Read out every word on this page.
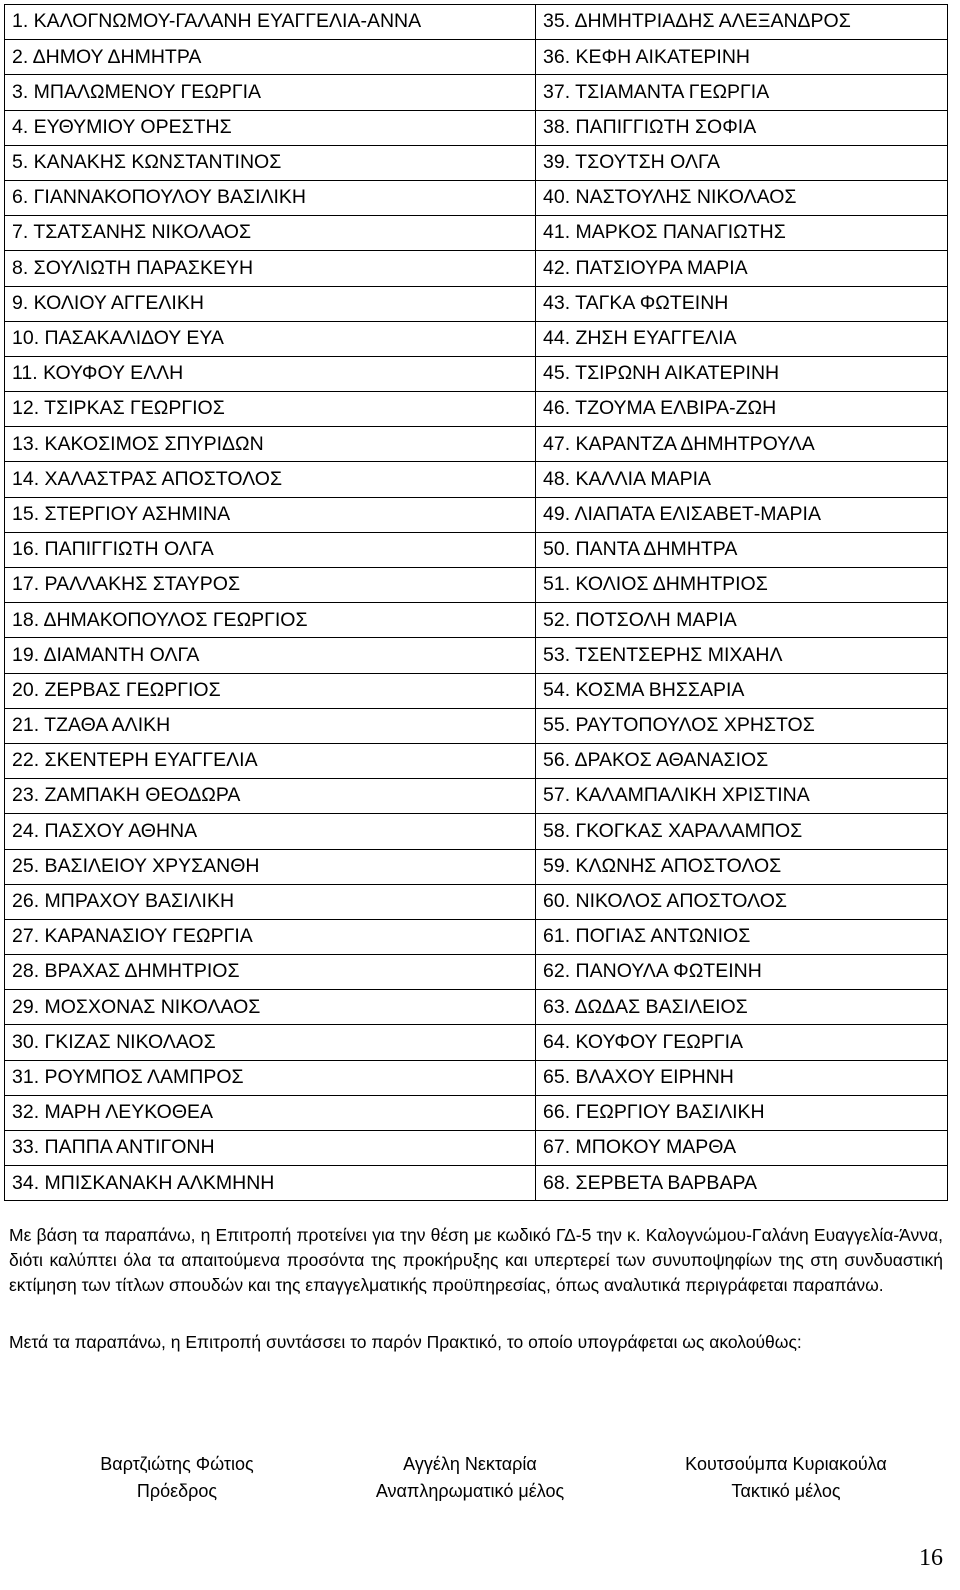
1. ΚΑΛΟΓΝΩΜΟΥ-ΓΑΛΑΝΗ ΕΥΑΓΓΕΛΙΑ-ΑΝΝΑ	35. ΔΗΜΗΤΡΙΑΔΗΣ ΑΛΕΞΑΝΔΡΟΣ
2. ΔΗΜΟΥ ΔΗΜΗΤΡΑ	36. ΚΕΦΗ ΑΙΚΑΤΕΡΙΝΗ
3. ΜΠΑΛΩΜΕΝΟΥ ΓΕΩΡΓΙΑ	37. ΤΣΙΑΜΑΝΤΑ ΓΕΩΡΓΙΑ
4. ΕΥΘΥΜΙΟΥ ΟΡΕΣΤΗΣ	38. ΠΑΠΙΓΓΙΩΤΗ ΣΟΦΙΑ
5. ΚΑΝΑΚΗΣ ΚΩΝΣΤΑΝΤΙΝΟΣ	39. ΤΣΟΥΤΣΗ ΟΛΓΑ
6. ΓΙΑΝΝΑΚΟΠΟΥΛΟΥ ΒΑΣΙΛΙΚΗ	40. ΝΑΣΤΟΥΛΗΣ ΝΙΚΟΛΑΟΣ
7. ΤΣΑΤΣΑΝΗΣ ΝΙΚΟΛΑΟΣ	41. ΜΑΡΚΟΣ ΠΑΝΑΓΙΩΤΗΣ
8. ΣΟΥΛΙΩΤΗ ΠΑΡΑΣΚΕΥΗ	42. ΠΑΤΣΙΟΥΡΑ ΜΑΡΙΑ
9. ΚΟΛΙΟΥ ΑΓΓΕΛΙΚΗ	43. ΤΑΓΚΑ ΦΩΤΕΙΝΗ
10. ΠΑΣΑΚΑΛΙΔΟΥ ΕΥΑ	44. ΖΗΣΗ ΕΥΑΓΓΕΛΙΑ
11. ΚΟΥΦΟΥ ΕΛΛΗ	45. ΤΣΙΡΩΝΗ ΑΙΚΑΤΕΡΙΝΗ
12. ΤΣΙΡΚΑΣ ΓΕΩΡΓΙΟΣ	46. ΤΖΟΥΜΑ ΕΛΒΙΡΑ-ΖΩΗ
13. ΚΑΚΟΣΙΜΟΣ ΣΠΥΡΙΔΩΝ	47. ΚΑΡΑΝΤΖΑ ΔΗΜΗΤΡΟΥΛΑ
14. ΧΑΛΑΣΤΡΑΣ ΑΠΟΣΤΟΛΟΣ	48. ΚΑΛΛΙΑ ΜΑΡΙΑ
15. ΣΤΕΡΓΙΟΥ ΑΣΗΜΙΝΑ	49. ΛΙΑΠΑΤΑ ΕΛΙΣΑΒΕΤ-ΜΑΡΙΑ
16. ΠΑΠΙΓΓΙΩΤΗ ΟΛΓΑ	50. ΠΑΝΤΑ ΔΗΜΗΤΡΑ
17. ΡΑΛΛΑΚΗΣ ΣΤΑΥΡΟΣ	51. ΚΟΛΙΟΣ ΔΗΜΗΤΡΙΟΣ
18. ΔΗΜΑΚΟΠΟΥΛΟΣ ΓΕΩΡΓΙΟΣ	52. ΠΟΤΣΟΛΗ ΜΑΡΙΑ
19. ΔΙΑΜΑΝΤΗ ΟΛΓΑ	53. ΤΣΕΝΤΣΕΡΗΣ ΜΙΧΑΗΛ
20. ΖΕΡΒΑΣ ΓΕΩΡΓΙΟΣ	54. ΚΟΣΜΑ ΒΗΣΣΑΡΙΑ
21. ΤΖΑΘΑ ΑΛΙΚΗ	55. ΡΑΥΤΟΠΟΥΛΟΣ ΧΡΗΣΤΟΣ
22. ΣΚΕΝΤΕΡΗ ΕΥΑΓΓΕΛΙΑ	56. ΔΡΑΚΟΣ ΑΘΑΝΑΣΙΟΣ
23. ΖΑΜΠΑΚΗ ΘΕΟΔΩΡΑ	57. ΚΑΛΑΜΠΑΛΙΚΗ ΧΡΙΣΤΙΝΑ
24. ΠΑΣΧΟΥ ΑΘΗΝΑ	58. ΓΚΟΓΚΑΣ ΧΑΡΑΛΑΜΠΟΣ
25. ΒΑΣΙΛΕΙΟΥ ΧΡΥΣΑΝΘΗ	59. ΚΛΩΝΗΣ ΑΠΟΣΤΟΛΟΣ
26. ΜΠΡΑΧΟΥ ΒΑΣΙΛΙΚΗ	60. ΝΙΚΟΛΟΣ ΑΠΟΣΤΟΛΟΣ
27. ΚΑΡΑΝΑΣΙΟΥ ΓΕΩΡΓΙΑ	61. ΠΟΓΙΑΣ ΑΝΤΩΝΙΟΣ
28. ΒΡΑΧΑΣ ΔΗΜΗΤΡΙΟΣ	62. ΠΑΝΟΥΛΑ ΦΩΤΕΙΝΗ
29. ΜΟΣΧΟΝΑΣ ΝΙΚΟΛΑΟΣ	63. ΔΩΔΑΣ ΒΑΣΙΛΕΙΟΣ
30. ΓΚΙΖΑΣ ΝΙΚΟΛΑΟΣ	64. ΚΟΥΦΟΥ ΓΕΩΡΓΙΑ
31. ΡΟΥΜΠΟΣ ΛΑΜΠΡΟΣ	65. ΒΛΑΧΟΥ ΕΙΡΗΝΗ
32. ΜΑΡΗ ΛΕΥΚΟΘΕΑ	66. ΓΕΩΡΓΙΟΥ ΒΑΣΙΛΙΚΗ
33. ΠΑΠΠΑ ΑΝΤΙΓΟΝΗ	67. ΜΠΟΚΟΥ ΜΑΡΘΑ
34. ΜΠΙΣΚΑΝΑΚΗ ΑΛΚΜΗΝΗ	68. ΣΕΡΒΕΤΑ ΒΑΡΒΑΡΑ

Με βάση τα παραπάνω, η Επιτροπή προτείνει για την θέση με κωδικό ΓΔ-5 την κ. Καλογνώμου-Γαλάνη Ευαγγελία-Άννα, διότι καλύπτει όλα τα απαιτούμενα προσόντα της προκήρυξης και υπερτερεί των συνυποψηφίων της στη συνδυαστική εκτίμηση των τίτλων σπουδών και της επαγγελματικής προϋπηρεσίας, όπως αναλυτικά περιγράφεται παραπάνω.

Μετά τα παραπάνω, η Επιτροπή συντάσσει το παρόν Πρακτικό, το οποίο υπογράφεται ως ακολούθως:

Βαρτζιώτης Φώτιος
Πρόεδρος
Αγγέλη Νεκταρία
Αναπληρωματικό μέλος
Κουτσούμπα Κυριακούλα
Τακτικό μέλος
16
